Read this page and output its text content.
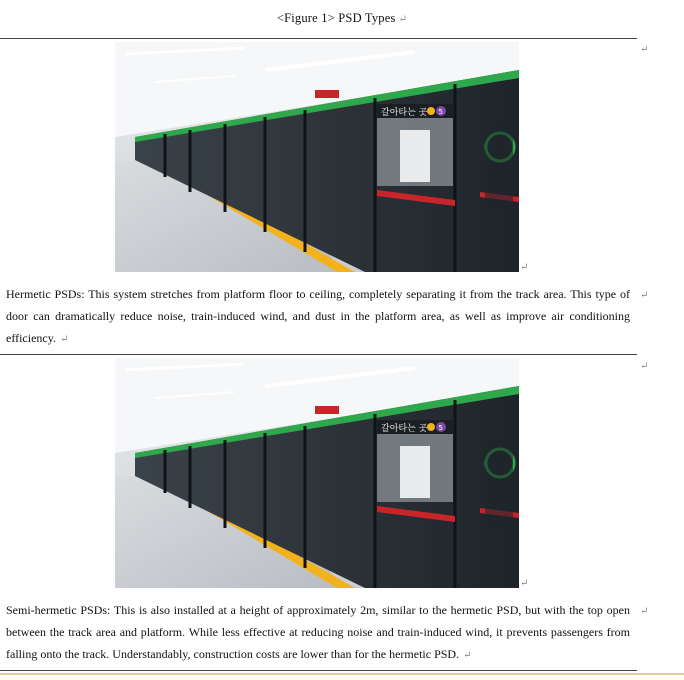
<Figure 1> PSD Types ↵
↵
갈아타는 곳 5
↵
Hermetic PSDs: This system stretches from platform floor to ceiling, completely separating it from the track area. This type of door can dramatically reduce noise, train-induced wind, and dust in the platform area, as well as improve air conditioning efficiency. ↵
↵
↵
갈아타는 곳 5
↵
Semi-hermetic PSDs: This is also installed at a height of approximately 2m, similar to the hermetic PSD, but with the top open between the track area and platform. While less effective at reducing noise and train-induced wind, it prevents passengers from falling onto the track. Understandably, construction costs are lower than for the hermetic PSD. ↵
↵
